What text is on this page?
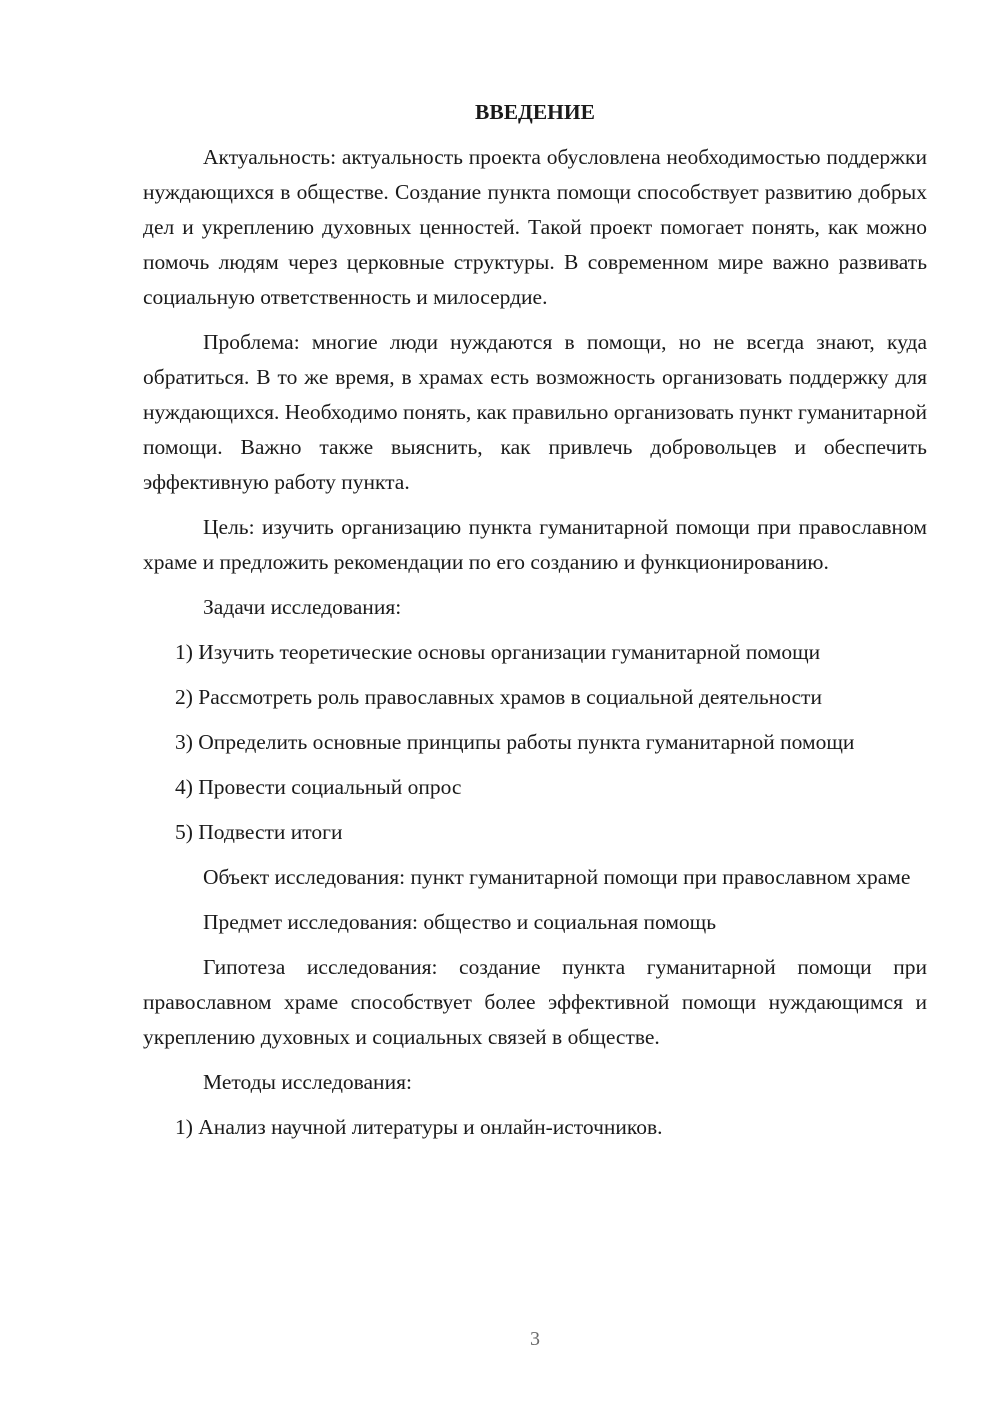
ВВЕДЕНИЕ

Актуальность: актуальность проекта обусловлена необходимостью поддержки нуждающихся в обществе. Создание пункта помощи способствует развитию добрых дел и укреплению духовных ценностей. Такой проект помогает понять, как можно помочь людям через церковные структуры. В современном мире важно развивать социальную ответственность и милосердие.

Проблема: многие люди нуждаются в помощи, но не всегда знают, куда обратиться. В то же время, в храмах есть возможность организовать поддержку для нуждающихся. Необходимо понять, как правильно организовать пункт гуманитарной помощи. Важно также выяснить, как привлечь добровольцев и обеспечить эффективную работу пункта.

Цель: изучить организацию пункта гуманитарной помощи при православном храме и предложить рекомендации по его созданию и функционированию.

Задачи исследования:

1) Изучить теоретические основы организации гуманитарной помощи

2) Рассмотреть роль православных храмов в социальной деятельности

3) Определить основные принципы работы пункта гуманитарной помощи

4) Провести социальный опрос

5) Подвести итоги

Объект исследования: пункт гуманитарной помощи при православном храме

Предмет исследования: общество и социальная помощь

Гипотеза исследования: создание пункта гуманитарной помощи при православном храме способствует более эффективной помощи нуждающимся и укреплению духовных и социальных связей в обществе.

Методы исследования:

1) Анализ научной литературы и онлайн-источников.

3
